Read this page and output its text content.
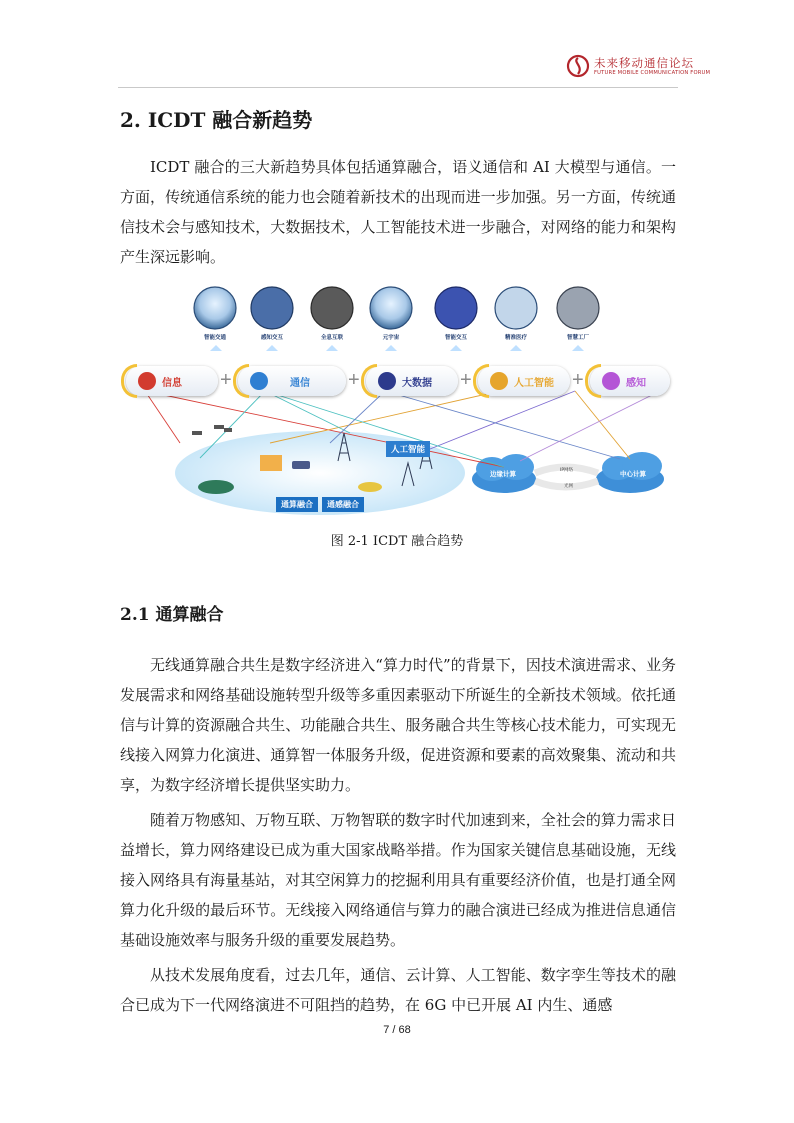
未来移动通信论坛
FUTURE MOBILE COMMUNICATION FORUM
2. ICDT 融合新趋势

ICDT 融合的三大新趋势具体包括通算融合，语义通信和 AI 大模型与通信。一方面，传统通信系统的能力也会随着新技术的出现而进一步加强。另一方面，传统通信技术会与感知技术，大数据技术，人工智能技术进一步融合，对网络的能力和架构产生深远影响。

智能交通	感知交互	全息互联	元宇宙	智能交互	精准医疗	智慧工厂
信息 +	通信 +	大数据 +	人工智能 +	感知
人工智能
通算融合	通感融合
边缘计算	中心计算
IP网络
光网
图 2-1 ICDT 融合趋势
2.1 通算融合

无线通算融合共生是数字经济进入“算力时代”的背景下，因技术演进需求、业务发展需求和网络基础设施转型升级等多重因素驱动下所诞生的全新技术领域。依托通信与计算的资源融合共生、功能融合共生、服务融合共生等核心技术能力，可实现无线接入网算力化演进、通算智一体服务升级，促进资源和要素的高效聚集、流动和共享，为数字经济增长提供坚实助力。

随着万物感知、万物互联、万物智联的数字时代加速到来，全社会的算力需求日益增长，算力网络建设已成为重大国家战略举措。作为国家关键信息基础设施，无线接入网络具有海量基站，对其空闲算力的挖掘利用具有重要经济价值，也是打通全网算力化升级的最后环节。无线接入网络通信与算力的融合演进已经成为推进信息通信基础设施效率与服务升级的重要发展趋势。

从技术发展角度看，过去几年，通信、云计算、人工智能、数字孪生等技术的融合已成为下一代网络演进不可阻挡的趋势，在 6G 中已开展 AI 内生、通感

7 / 68
